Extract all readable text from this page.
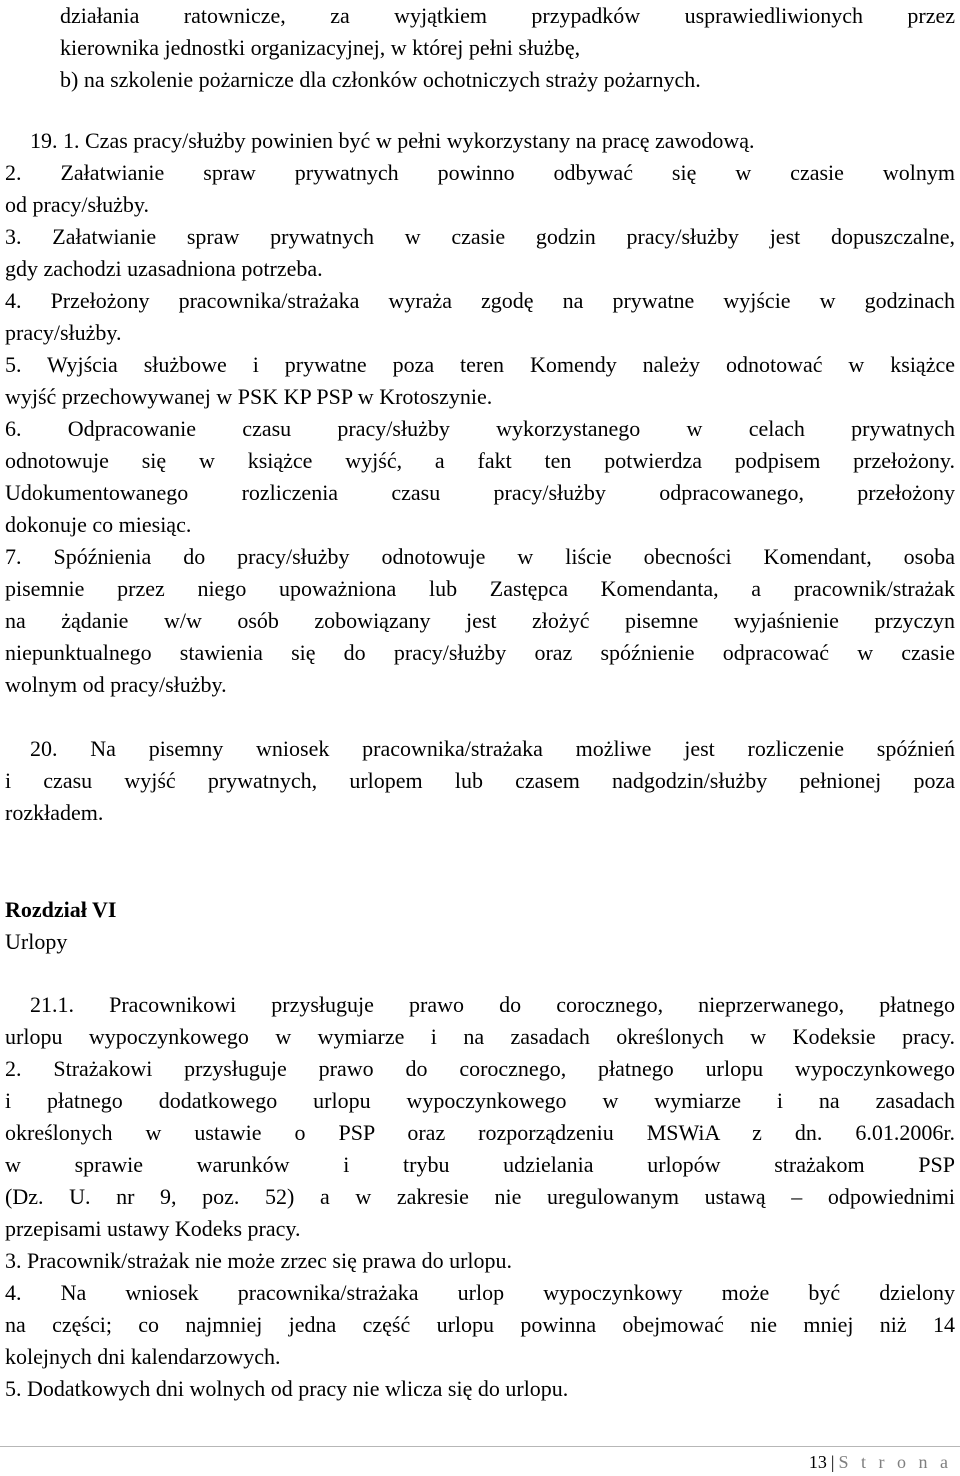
działania ratownicze, za wyjątkiem przypadków usprawiedliwionych przez
kierownika jednostki organizacyjnej, w której pełni służbę,
b) na szkolenie pożarnicze dla członków ochotniczych straży pożarnych.
19. 1. Czas pracy/służby powinien być w pełni wykorzystany na pracę zawodową.
2. Załatwianie spraw prywatnych powinno odbywać się w czasie wolnym
od pracy/służby.
3. Załatwianie spraw prywatnych w czasie godzin pracy/służby jest dopuszczalne,
gdy zachodzi uzasadniona potrzeba.
4. Przełożony pracownika/strażaka wyraża zgodę na prywatne wyjście w godzinach
pracy/służby.
5. Wyjścia służbowe i prywatne poza teren Komendy należy odnotować w książce
wyjść przechowywanej w PSK KP PSP w Krotoszynie.
6. Odpracowanie czasu pracy/służby wykorzystanego w celach prywatnych
odnotowuje się w książce wyjść, a fakt ten potwierdza podpisem przełożony.
Udokumentowanego rozliczenia czasu pracy/służby odpracowanego, przełożony
dokonuje co miesiąc.
7. Spóźnienia do pracy/służby odnotowuje w liście obecności Komendant, osoba
pisemnie przez niego upoważniona lub Zastępca Komendanta, a pracownik/strażak
na żądanie w/w osób zobowiązany jest złożyć pisemne wyjaśnienie przyczyn
niepunktualnego stawienia się do pracy/służby oraz spóźnienie odpracować w czasie
wolnym od pracy/służby.
20. Na pisemny wniosek pracownika/strażaka możliwe jest rozliczenie spóźnień
i czasu wyjść prywatnych, urlopem lub czasem nadgodzin/służby pełnionej poza
rozkładem.
Rozdział VI
Urlopy
21.1. Pracownikowi przysługuje prawo do corocznego, nieprzerwanego, płatnego
urlopu wypoczynkowego w wymiarze i na zasadach określonych w Kodeksie pracy.
2. Strażakowi przysługuje prawo do corocznego, płatnego urlopu wypoczynkowego
i płatnego dodatkowego urlopu wypoczynkowego w wymiarze i na zasadach
określonych w ustawie o PSP oraz rozporządzeniu MSWiA z dn. 6.01.2006r.
w sprawie warunków i trybu udzielania urlopów strażakom PSP
(Dz. U. nr 9, poz. 52) a w zakresie nie uregulowanym ustawą – odpowiednimi
przepisami ustawy Kodeks pracy.
3. Pracownik/strażak nie może zrzec się prawa do urlopu.
4. Na wniosek pracownika/strażaka urlop wypoczynkowy może być dzielony
na części; co najmniej jedna część urlopu powinna obejmować nie mniej niż 14
kolejnych dni kalendarzowych.
5. Dodatkowych dni wolnych od pracy nie wlicza się do urlopu.
13 | S t r o n a
